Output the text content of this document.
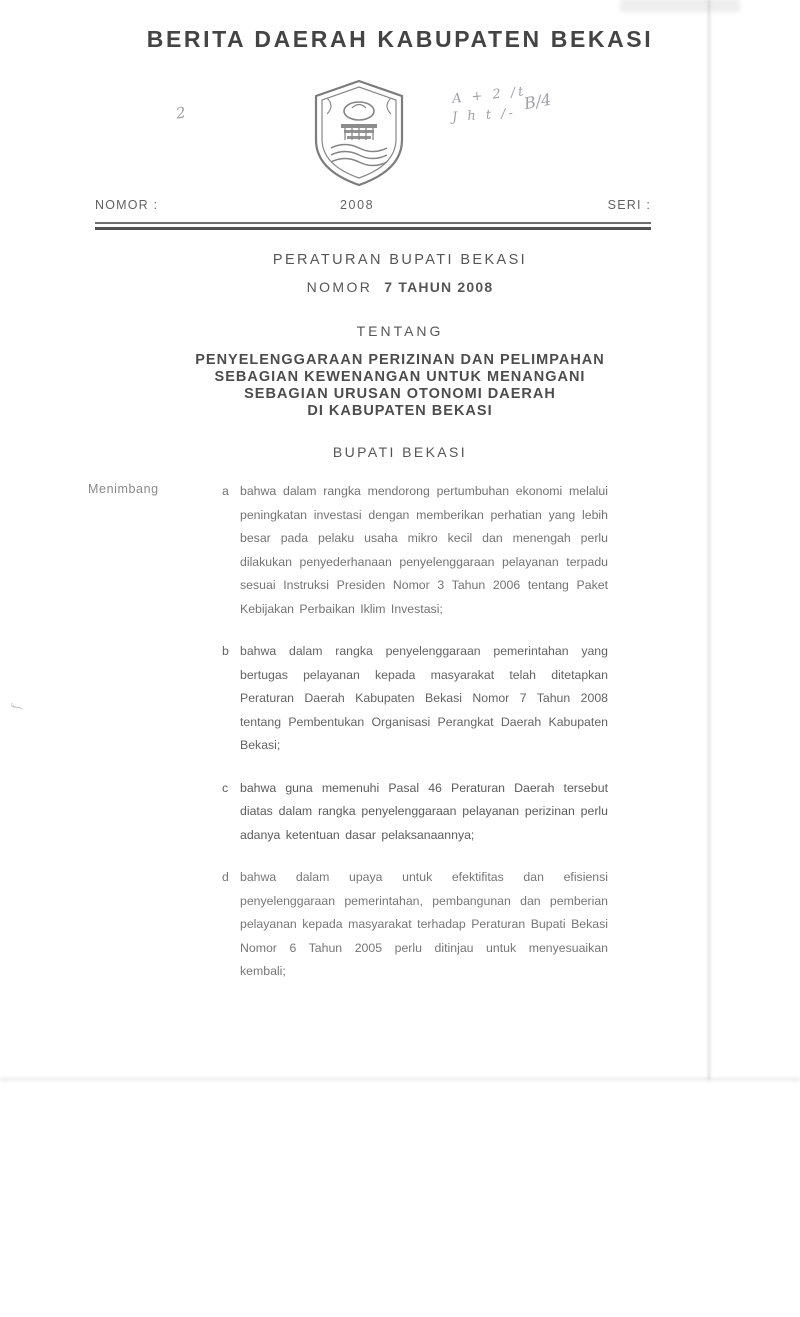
BERITA DAERAH KABUPATEN BEKASI
2
A + 2 /t
J h t /-
B/4
f
NOMOR :	2008	SERI :
PERATURAN BUPATI BEKASI
NOMOR 7 TAHUN 2008
TENTANG
PENYELENGGARAAN PERIZINAN DAN PELIMPAHAN
SEBAGIAN KEWENANGAN UNTUK MENANGANI
SEBAGIAN URUSAN OTONOMI DAERAH
DI KABUPATEN BEKASI
BUPATI BEKASI
Menimbang	a bahwa dalam rangka mendorong pertumbuhan ekonomi melalui peningkatan investasi dengan memberikan perhatian yang lebih besar pada pelaku usaha mikro kecil dan menengah perlu dilakukan penyederhanaan penyelenggaraan pelayanan terpadu sesuai Instruksi Presiden Nomor 3 Tahun 2006 tentang Paket Kebijakan Perbaikan Iklim Investasi;
b bahwa dalam rangka penyelenggaraan pemerintahan yang bertugas pelayanan kepada masyarakat telah ditetapkan Peraturan Daerah Kabupaten Bekasi Nomor 7 Tahun 2008 tentang Pembentukan Organisasi Perangkat Daerah Kabupaten Bekasi;
c bahwa guna memenuhi Pasal 46 Peraturan Daerah tersebut diatas dalam rangka penyelenggaraan pelayanan perizinan perlu adanya ketentuan dasar pelaksanaannya;
d bahwa dalam upaya untuk efektifitas dan efisiensi penyelenggaraan pemerintahan, pembangunan dan pemberian pelayanan kepada masyarakat terhadap Peraturan Bupati Bekasi Nomor 6 Tahun 2005 perlu ditinjau untuk menyesuaikan kembali;
